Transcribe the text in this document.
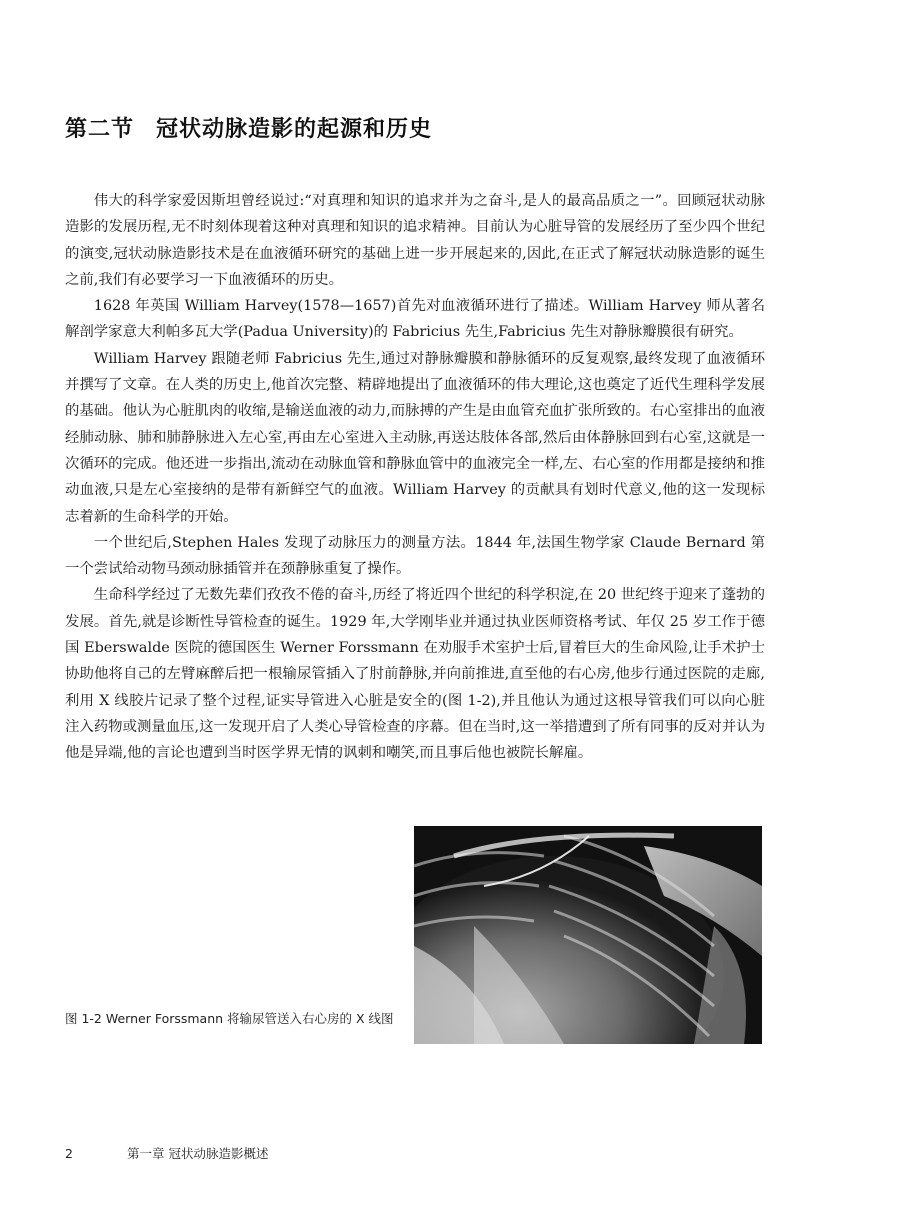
第二节 冠状动脉造影的起源和历史

伟大的科学家爱因斯坦曾经说过:“对真理和知识的追求并为之奋斗,是人的最高品质之一”。回顾冠状动脉造影的发展历程,无不时刻体现着这种对真理和知识的追求精神。目前认为心脏导管的发展经历了至少四个世纪的演变,冠状动脉造影技术是在血液循环研究的基础上进一步开展起来的,因此,在正式了解冠状动脉造影的诞生之前,我们有必要学习一下血液循环的历史。

1628 年英国 William Harvey(1578—1657)首先对血液循环进行了描述。William Harvey 师从著名解剖学家意大利帕多瓦大学(Padua University)的 Fabricius 先生,Fabricius 先生对静脉瓣膜很有研究。

William Harvey 跟随老师 Fabricius 先生,通过对静脉瓣膜和静脉循环的反复观察,最终发现了血液循环并撰写了文章。在人类的历史上,他首次完整、精辟地提出了血液循环的伟大理论,这也奠定了近代生理科学发展的基础。他认为心脏肌肉的收缩,是输送血液的动力,而脉搏的产生是由血管充血扩张所致的。右心室排出的血液经肺动脉、肺和肺静脉进入左心室,再由左心室进入主动脉,再送达肢体各部,然后由体静脉回到右心室,这就是一次循环的完成。他还进一步指出,流动在动脉血管和静脉血管中的血液完全一样,左、右心室的作用都是接纳和推动血液,只是左心室接纳的是带有新鲜空气的血液。William Harvey 的贡献具有划时代意义,他的这一发现标志着新的生命科学的开始。

一个世纪后,Stephen Hales 发现了动脉压力的测量方法。1844 年,法国生物学家 Claude Bernard 第一个尝试给动物马颈动脉插管并在颈静脉重复了操作。

生命科学经过了无数先辈们孜孜不倦的奋斗,历经了将近四个世纪的科学积淀,在 20 世纪终于迎来了蓬勃的发展。首先,就是诊断性导管检查的诞生。1929 年,大学刚毕业并通过执业医师资格考试、年仅 25 岁工作于德国 Eberswalde 医院的德国医生 Werner Forssmann 在劝服手术室护士后,冒着巨大的生命风险,让手术护士协助他将自己的左臂麻醉后把一根输尿管插入了肘前静脉,并向前推进,直至他的右心房,他步行通过医院的走廊,利用 X 线胶片记录了整个过程,证实导管进入心脏是安全的(图 1-2),并且他认为通过这根导管我们可以向心脏注入药物或测量血压,这一发现开启了人类心导管检查的序幕。但在当时,这一举措遭到了所有同事的反对并认为他是异端,他的言论也遭到当时医学界无情的讽刺和嘲笑,而且事后他也被院长解雇。

图 1-2 Werner Forssmann 将输尿管送入右心房的 X 线图
2	第一章 冠状动脉造影概述
